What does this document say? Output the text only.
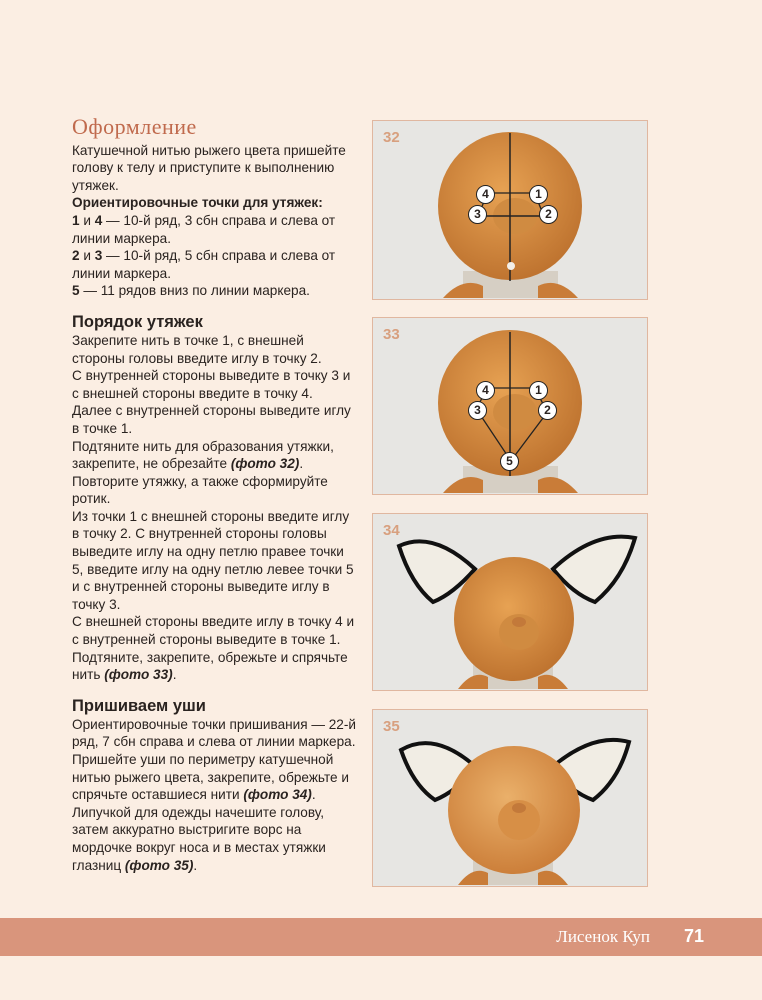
Оформление

Катушечной нитью рыжего цвета пришейте голову к телу и приступите к выполнению утяжек.

Ориентировочные точки для утяжек:

1 и 4 — 10-й ряд, 3 сбн справа и слева от линии маркера.

2 и 3 — 10-й ряд, 5 сбн справа и слева от линии маркера.

5 — 11 рядов вниз по линии маркера.

Порядок утяжек

Закрепите нить в точке 1, с внешней стороны головы введите иглу в точку 2.

С внутренней стороны выведите в точку 3 и с внешней стороны введите в точку 4.

Далее с внутренней стороны выведите иглу в точке 1.

Подтяните нить для образования утяжки, закрепите, не обрезайте (фото 32).

Повторите утяжку, а также сформируйте ротик.

Из точки 1 с внешней стороны введите иглу в точку 2. С внутренней стороны головы выведите иглу на одну петлю правее точки 5, введите иглу на одну петлю левее точки 5 и с внутренней стороны выведите иглу в точку 3.

С внешней стороны введите иглу в точку 4 и с внутренней стороны выведите в точке 1. Подтяните, закрепите, обрежьте и спрячьте нить (фото 33).

Пришиваем уши

Ориентировочные точки пришивания — 22-й ряд, 7 сбн справа и слева от линии маркера.

Пришейте уши по периметру катушечной нитью рыжего цвета, закрепите, обрежьте и спрячьте оставшиеся нити (фото 34).

Липучкой для одежды начешите голову, затем аккуратно выстригите ворс на мордочке вокруг носа и в местах утяжки глазниц (фото 35).

32
4	1
3	2
33
4	1
3	2
5
34
35
Лисенок Куп 71
